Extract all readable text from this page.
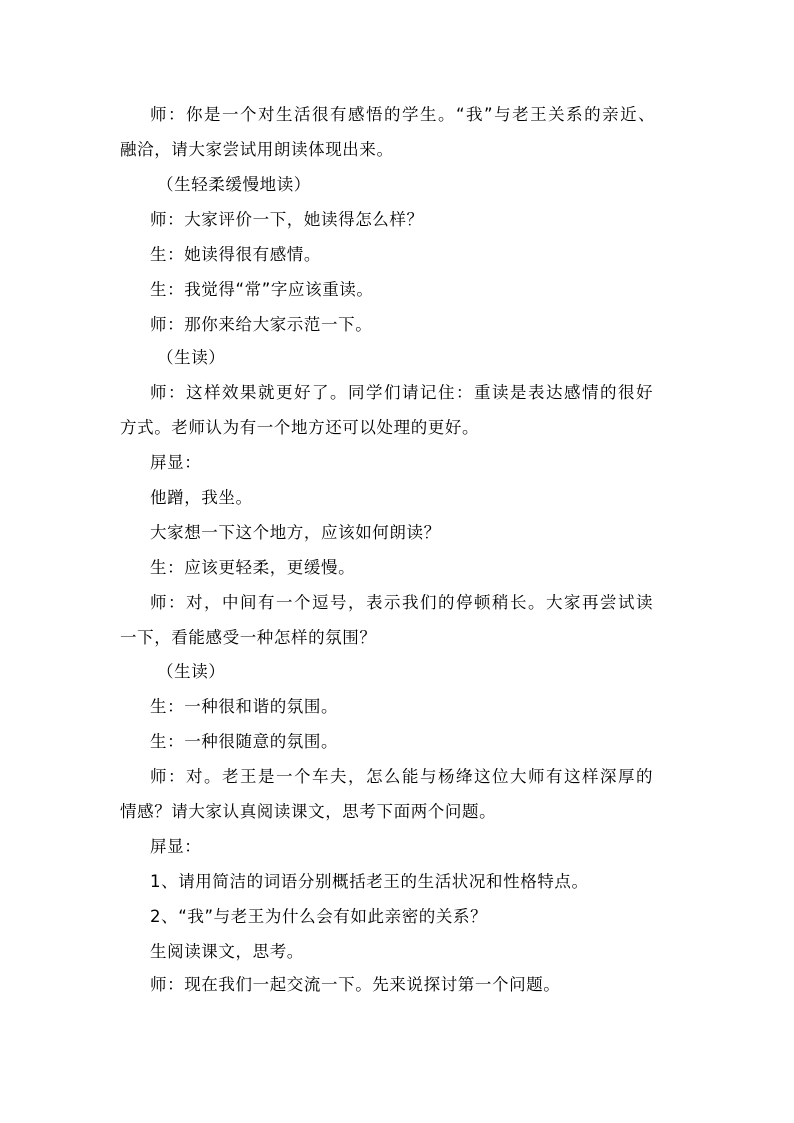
师：你是一个对生活很有感悟的学生。“我”与老王关系的亲近、
融洽，请大家尝试用朗读体现出来。
（生轻柔缓慢地读）
师：大家评价一下，她读得怎么样？
生：她读得很有感情。
生：我觉得“常”字应该重读。
师：那你来给大家示范一下。
（生读）
师：这样效果就更好了。同学们请记住：重读是表达感情的很好
方式。老师认为有一个地方还可以处理的更好。
屏显：
他蹭，我坐。
大家想一下这个地方，应该如何朗读？
生：应该更轻柔，更缓慢。
师：对，中间有一个逗号，表示我们的停顿稍长。大家再尝试读
一下，看能感受一种怎样的氛围？
（生读）
生：一种很和谐的氛围。
生：一种很随意的氛围。
师：对。老王是一个车夫，怎么能与杨绛这位大师有这样深厚的
情感？请大家认真阅读课文，思考下面两个问题。
屏显：
1、请用简洁的词语分别概括老王的生活状况和性格特点。
2、“我”与老王为什么会有如此亲密的关系？
生阅读课文，思考。
师：现在我们一起交流一下。先来说探讨第一个问题。
